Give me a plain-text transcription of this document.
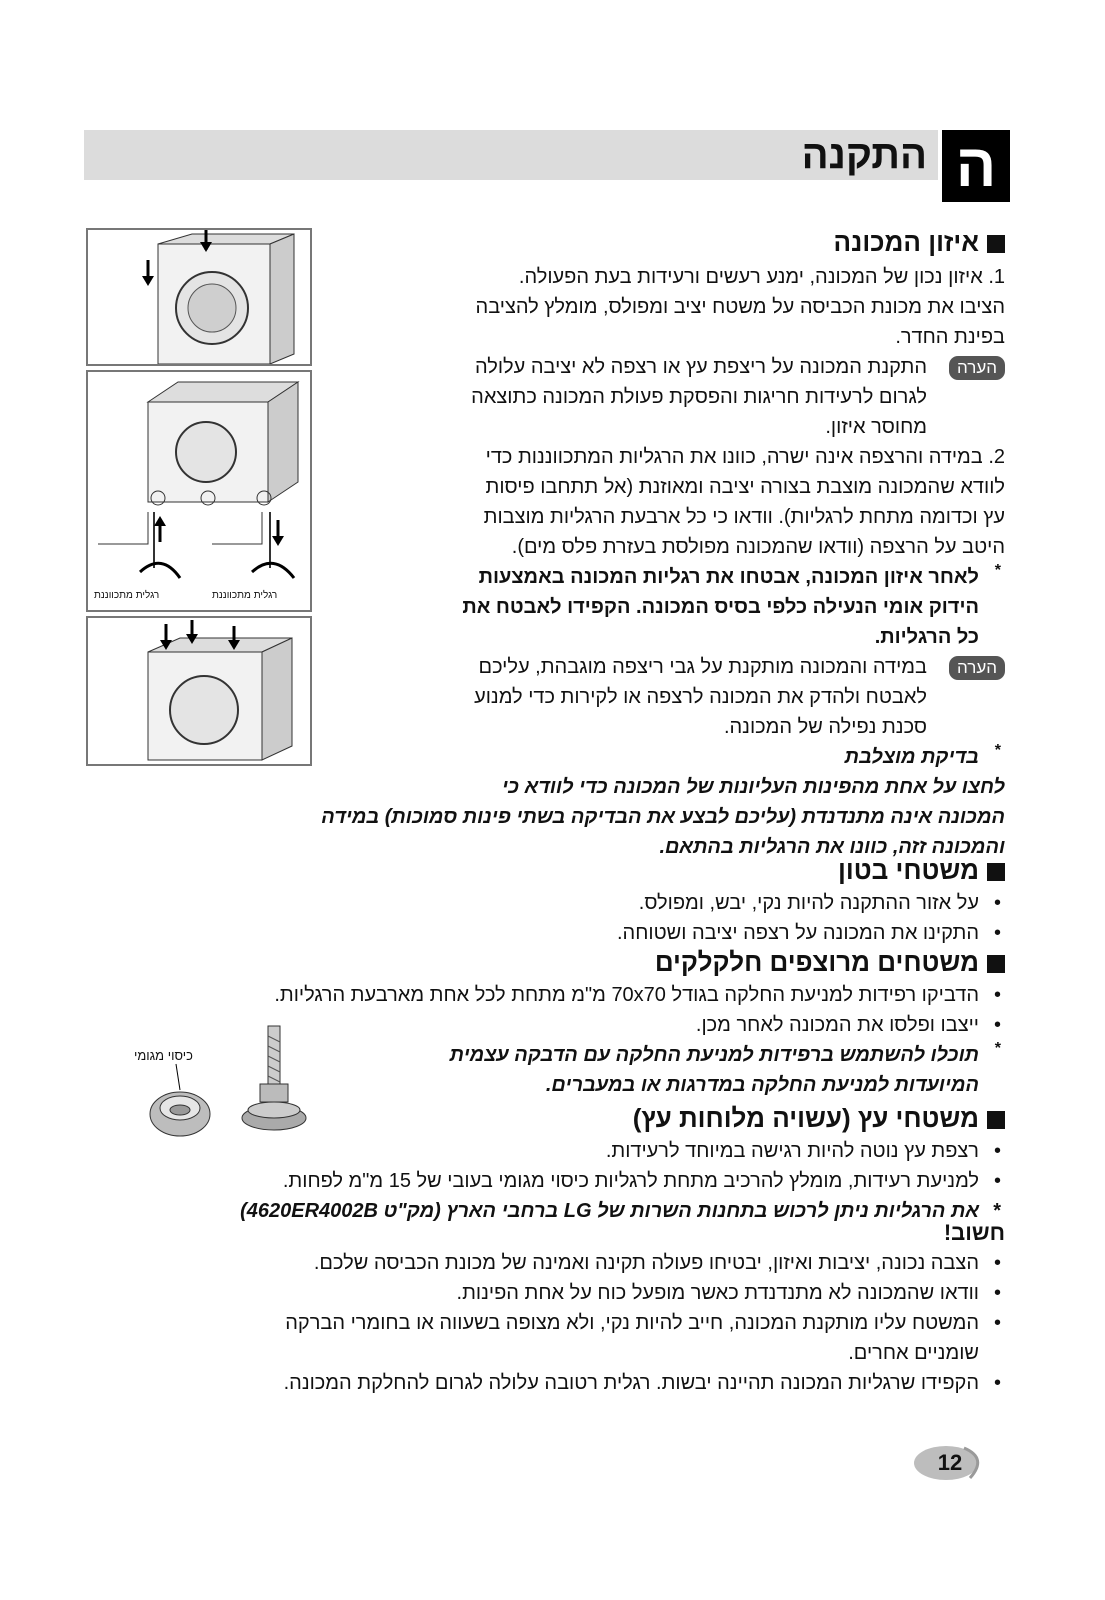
התקנה ה
רגלית מתכווננת	רגלית מתכווננת
כיסוי מגומי
איזון המכונה

1. איזון נכון של המכונה, ימנע רעשים ורעידות בעת הפעולה.

הציבו את מכונת הכביסה על משטח יציב ומפולס, מומלץ להציבה

בפינת החדר.

הערה

התקנת המכונה על ריצפת עץ או רצפה לא יציבה עלולה

לגרום לרעידות חריגות והפסקת פעולת המכונה כתוצאה

מחוסר איזון.

2. במידה והרצפה אינה ישרה, כוונו את הרגליות המתכווננות כדי

לוודא שהמכונה מוצבת בצורה יציבה ומאוזנת (אל תתחבו פיסות

עץ וכדומה מתחת לרגליות). וודאו כי כל ארבעת הרגליות מוצבות

היטב על הרצפה (וודאו שהמכונה מפולסת בעזרת פלס מים).

* לאחר איזון המכונה, אבטחו את רגליות המכונה באמצעות

הידוק אומי הנעילה כלפי בסיס המכונה. הקפידו לאבטח את

כל הרגליות.

הערה

במידה והמכונה מותקנת על גבי ריצפה מוגבהת, עליכם

לאבטח ולהדק את המכונה לרצפה או לקירות כדי למנוע

סכנת נפילה של המכונה.

* בדיקת מוצלבת

לחצו על אחת מהפינות העליונות של המכונה כדי לוודא כי

המכונה אינה מתנדנדת (עליכם לבצע את הבדיקה בשתי פינות סמוכות) במידה

והמכונה זזה, כוונו את הרגליות בהתאם.

משטחי בטון

• על אזור ההתקנה להיות נקי, יבש, ומפולס.

• התקינו את המכונה על רצפה יציבה ושטוחה.

משטחים מרוצפים חלקלקים

• הדביקו רפידות למניעת החלקה בגודל 70x70 מ"מ מתחת לכל אחת מארבעת הרגליות.

• ייצבו ופלסו את המכונה לאחר מכן.

* תוכלו להשתמש ברפידות למניעת החלקה עם הדבקה עצמית

המיועדות למניעת החלקה במדרגות או במעברים.

משטחי עץ (עשויה מלוחות עץ)

• רצפת עץ נוטה להיות רגישה במיוחד לרעידות.

• למניעת רעידות, מומלץ להרכיב מתחת לרגליות כיסוי מגומי בעובי של 15 מ"מ לפחות.

* את הרגליות ניתן לרכוש בתחנות השרות של LG ברחבי הארץ (מק"ט 4620ER4002B)

חשוב!

• הצבה נכונה, יציבות ואיזון, יבטיחו פעולה תקינה ואמינה של מכונת הכביסה שלכם.

• וודאו שהמכונה לא מתנדנדת כאשר מופעל כוח על אחת הפינות.

• המשטח עליו מותקנת המכונה, חייב להיות נקי, ולא מצופה בשעווה או בחומרי הברקה

שומניים אחרים.

• הקפידו שרגליות המכונה תהיינה יבשות. רגלית רטובה עלולה לגרום להחלקת המכונה.

12
